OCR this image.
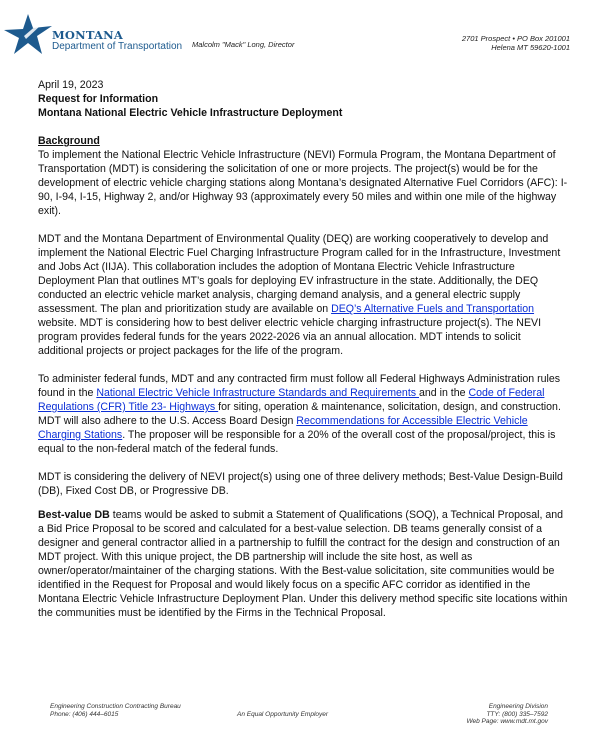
MONTANA
Department of Transportation Malcolm "Mack" Long, Director
2701 Prospect • PO Box 201001
Helena MT 59620-1001

April 19, 2023

Request for Information

Montana National Electric Vehicle Infrastructure Deployment

Background

To implement the National Electric Vehicle Infrastructure (NEVI) Formula Program, the Montana Department of Transportation (MDT) is considering the solicitation of one or more projects. The project(s) would be for the development of electric vehicle charging stations along Montana’s designated Alternative Fuel Corridors (AFC): I-90, I-94, I-15, Highway 2, and/or Highway 93 (approximately every 50 miles and within one mile of the highway exit).

MDT and the Montana Department of Environmental Quality (DEQ) are working cooperatively to develop and implement the National Electric Fuel Charging Infrastructure Program called for in the Infrastructure, Investment and Jobs Act (IIJA). This collaboration includes the adoption of Montana Electric Vehicle Infrastructure Deployment Plan that outlines MT’s goals for deploying EV infrastructure in the state. Additionally, the DEQ conducted an electric vehicle market analysis, charging demand analysis, and a general electric supply assessment. The plan and prioritization study are available on DEQ’s Alternative Fuels and Transportation website. MDT is considering how to best deliver electric vehicle charging infrastructure project(s). The NEVI program provides federal funds for the years 2022-2026 via an annual allocation. MDT intends to solicit additional projects or project packages for the life of the program.

To administer federal funds, MDT and any contracted firm must follow all Federal Highways Administration rules found in the National Electric Vehicle Infrastructure Standards and Requirements and in the Code of Federal Regulations (CFR) Title 23- Highways for siting, operation & maintenance, solicitation, design, and construction. MDT will also adhere to the U.S. Access Board Design Recommendations for Accessible Electric Vehicle Charging Stations. The proposer will be responsible for a 20% of the overall cost of the proposal/project, this is equal to the non-federal match of the federal funds.

MDT is considering the delivery of NEVI project(s) using one of three delivery methods; Best-Value Design-Build (DB), Fixed Cost DB, or Progressive DB.

Best-value DB teams would be asked to submit a Statement of Qualifications (SOQ), a Technical Proposal, and a Bid Price Proposal to be scored and calculated for a best-value selection. DB teams generally consist of a designer and general contractor allied in a partnership to fulfill the contract for the design and construction of an MDT project. With this unique project, the DB partnership will include the site host, as well as owner/operator/maintainer of the charging stations. With the Best-value solicitation, site communities would be identified in the Request for Proposal and would likely focus on a specific AFC corridor as identified in the Montana Electric Vehicle Infrastructure Deployment Plan. Under this delivery method specific site locations within the communities must be identified by the Firms in the Technical Proposal.

Engineering Construction Contracting Bureau
Phone: (406) 444–6015	An Equal Opportunity Employer
Engineering Division
TTY: (800) 335–7592
Web Page: www.mdt.mt.gov
